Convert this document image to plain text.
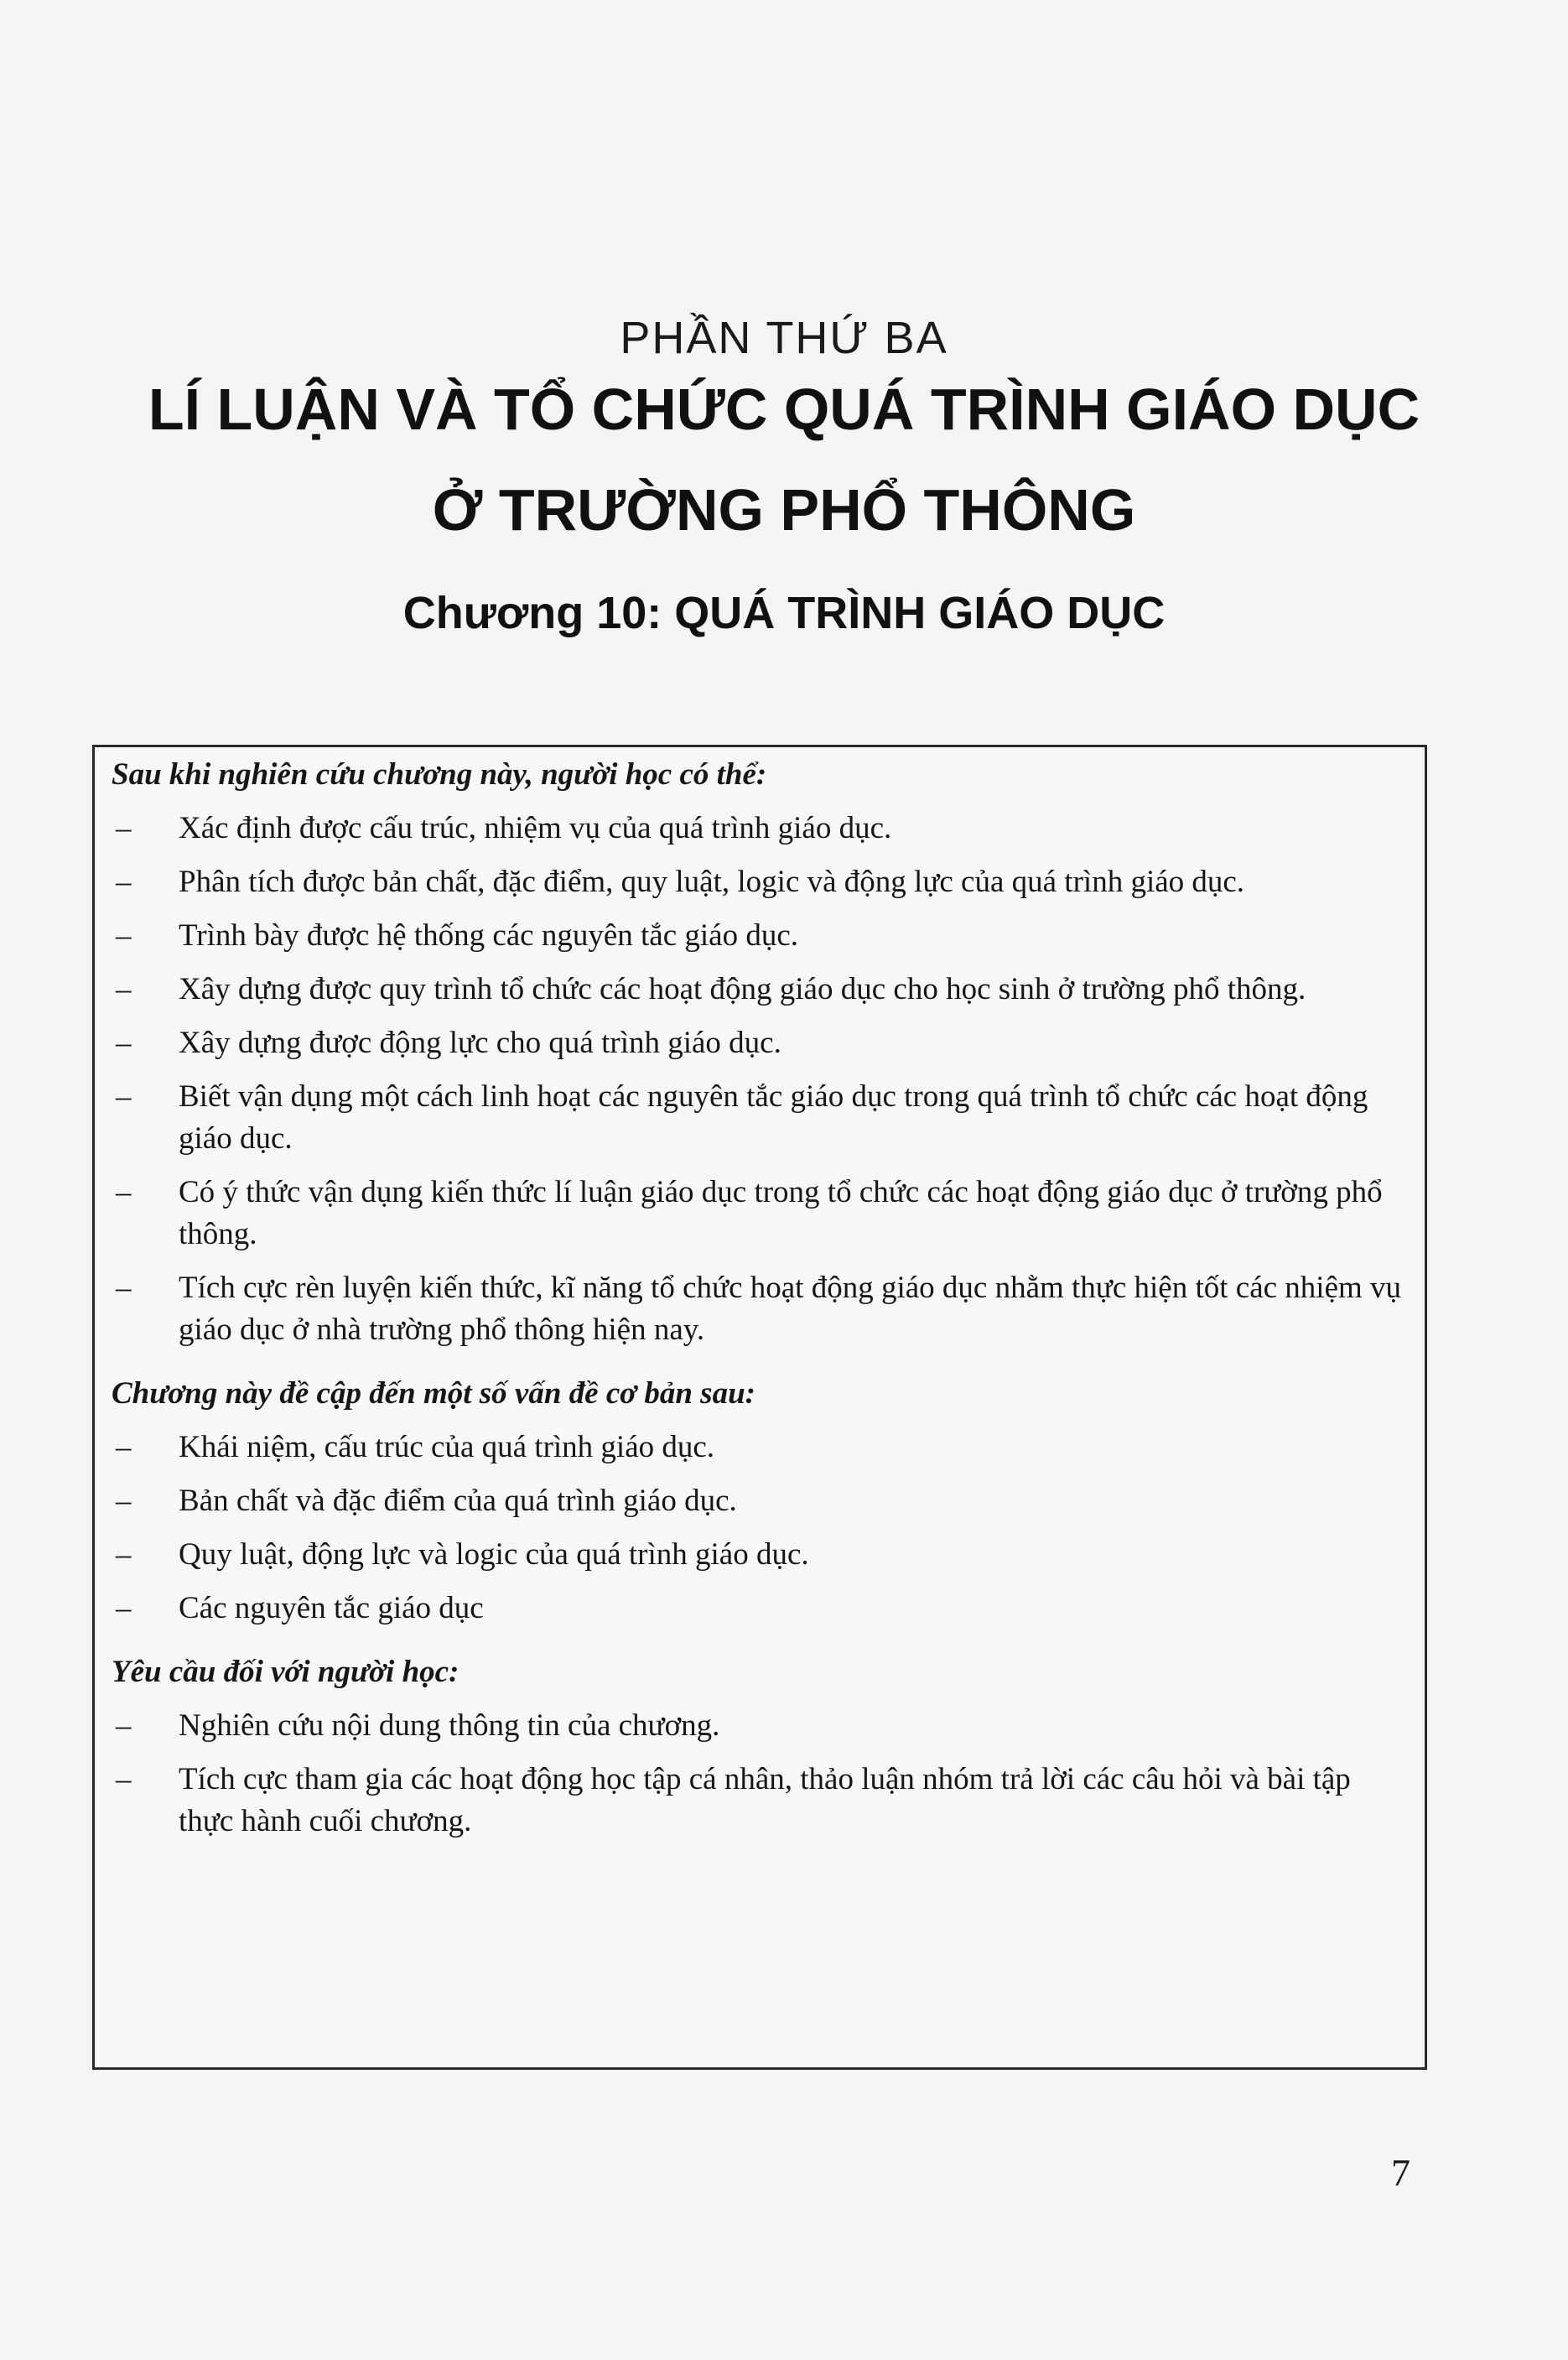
PHẦN THỨ BA
LÍ LUẬN VÀ TỔ CHỨC QUÁ TRÌNH GIÁO DỤC
Ở TRƯỜNG PHỔ THÔNG
Chương 10: QUÁ TRÌNH GIÁO DỤC

Sau khi nghiên cứu chương này, người học có thể:

– Xác định được cấu trúc, nhiệm vụ của quá trình giáo dục.

– Phân tích được bản chất, đặc điểm, quy luật, logic và động lực của quá trình giáo dục.

– Trình bày được hệ thống các nguyên tắc giáo dục.

– Xây dựng được quy trình tổ chức các hoạt động giáo dục cho học sinh ở trường phổ thông.

– Xây dựng được động lực cho quá trình giáo dục.

– Biết vận dụng một cách linh hoạt các nguyên tắc giáo dục trong quá trình tổ chức các hoạt động giáo dục.

– Có ý thức vận dụng kiến thức lí luận giáo dục trong tổ chức các hoạt động giáo dục ở trường phổ thông.

– Tích cực rèn luyện kiến thức, kĩ năng tổ chức hoạt động giáo dục nhằm thực hiện tốt các nhiệm vụ giáo dục ở nhà trường phổ thông hiện nay.

Chương này đề cập đến một số vấn đề cơ bản sau:

– Khái niệm, cấu trúc của quá trình giáo dục.

– Bản chất và đặc điểm của quá trình giáo dục.

– Quy luật, động lực và logic của quá trình giáo dục.

– Các nguyên tắc giáo dục

Yêu cầu đối với người học:

– Nghiên cứu nội dung thông tin của chương.

– Tích cực tham gia các hoạt động học tập cá nhân, thảo luận nhóm trả lời các câu hỏi và bài tập thực hành cuối chương.

7
